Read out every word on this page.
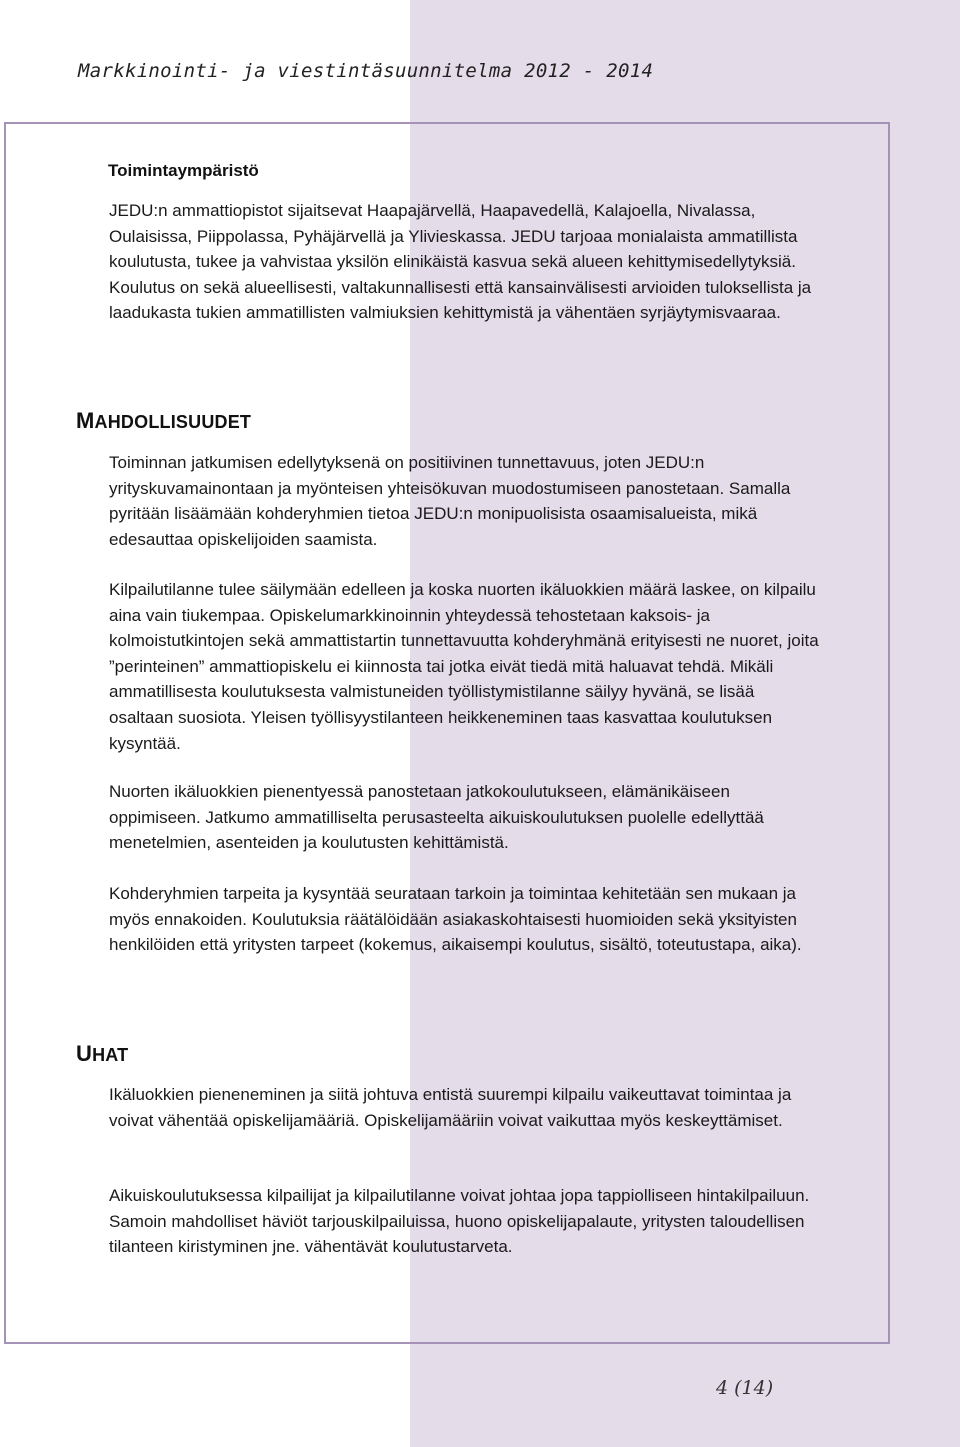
Markkinointi- ja viestintäsuunnitelma 2012 - 2014
Toimintaympäristö

JEDU:n ammattiopistot sijaitsevat Haapajärvellä, Haapavedellä, Kalajoella, Nivalassa, Oulaisissa, Piippolassa, Pyhäjärvellä ja Ylivieskassa. JEDU tarjoaa monialaista ammatillista koulutusta, tukee ja vahvistaa yksilön elinikäistä kasvua sekä alueen kehittymisedellytyksiä. Koulutus on sekä alueellisesti, valtakunnallisesti että kansainvälisesti arvioiden tuloksellista ja laadukasta tukien ammatillisten valmiuksien kehittymistä ja vähentäen syrjäytymisvaaraa.

MAHDOLLISUUDET

Toiminnan jatkumisen edellytyksenä on positiivinen tunnettavuus, joten JEDU:n yrityskuvamainontaan ja myönteisen yhteisökuvan muodostumiseen panostetaan. Samalla pyritään lisäämään kohderyhmien tietoa JEDU:n monipuolisista osaamisalueista, mikä edesauttaa opiskelijoiden saamista.

Kilpailutilanne tulee säilymään edelleen ja koska nuorten ikäluokkien määrä laskee, on kilpailu aina vain tiukempaa. Opiskelumarkkinoinnin yhteydessä tehostetaan kaksois- ja kolmoistutkintojen sekä ammattistartin tunnettavuutta kohderyhmänä erityisesti ne nuoret, joita ”perinteinen” ammattiopiskelu ei kiinnosta tai jotka eivät tiedä mitä haluavat tehdä. Mikäli ammatillisesta koulutuksesta valmistuneiden työllistymistilanne säilyy hyvänä, se lisää osaltaan suosiota. Yleisen työllisyystilanteen heikkeneminen taas kasvattaa koulutuksen kysyntää.

Nuorten ikäluokkien pienentyessä panostetaan jatkokoulutukseen, elämänikäiseen oppimiseen. Jatkumo ammatilliselta perusasteelta aikuiskoulutuksen puolelle edellyttää menetelmien, asenteiden ja koulutusten kehittämistä.

Kohderyhmien tarpeita ja kysyntää seurataan tarkoin ja toimintaa kehitetään sen mukaan ja myös ennakoiden. Koulutuksia räätälöidään asiakaskohtaisesti huomioiden sekä yksityisten henkilöiden että yritysten tarpeet (kokemus, aikaisempi koulutus, sisältö, toteutustapa, aika).

UHAT

Ikäluokkien pieneneminen ja siitä johtuva entistä suurempi kilpailu vaikeuttavat toimintaa ja voivat vähentää opiskelijamääriä. Opiskelijamääriin voivat vaikuttaa myös keskeyttämiset.

Aikuiskoulutuksessa kilpailijat ja kilpailutilanne voivat johtaa jopa tappiolliseen hintakilpailuun. Samoin mahdolliset häviöt tarjouskilpailuissa, huono opiskelijapalaute, yritysten taloudellisen tilanteen kiristyminen jne. vähentävät koulutustarveta.

4 (14)
